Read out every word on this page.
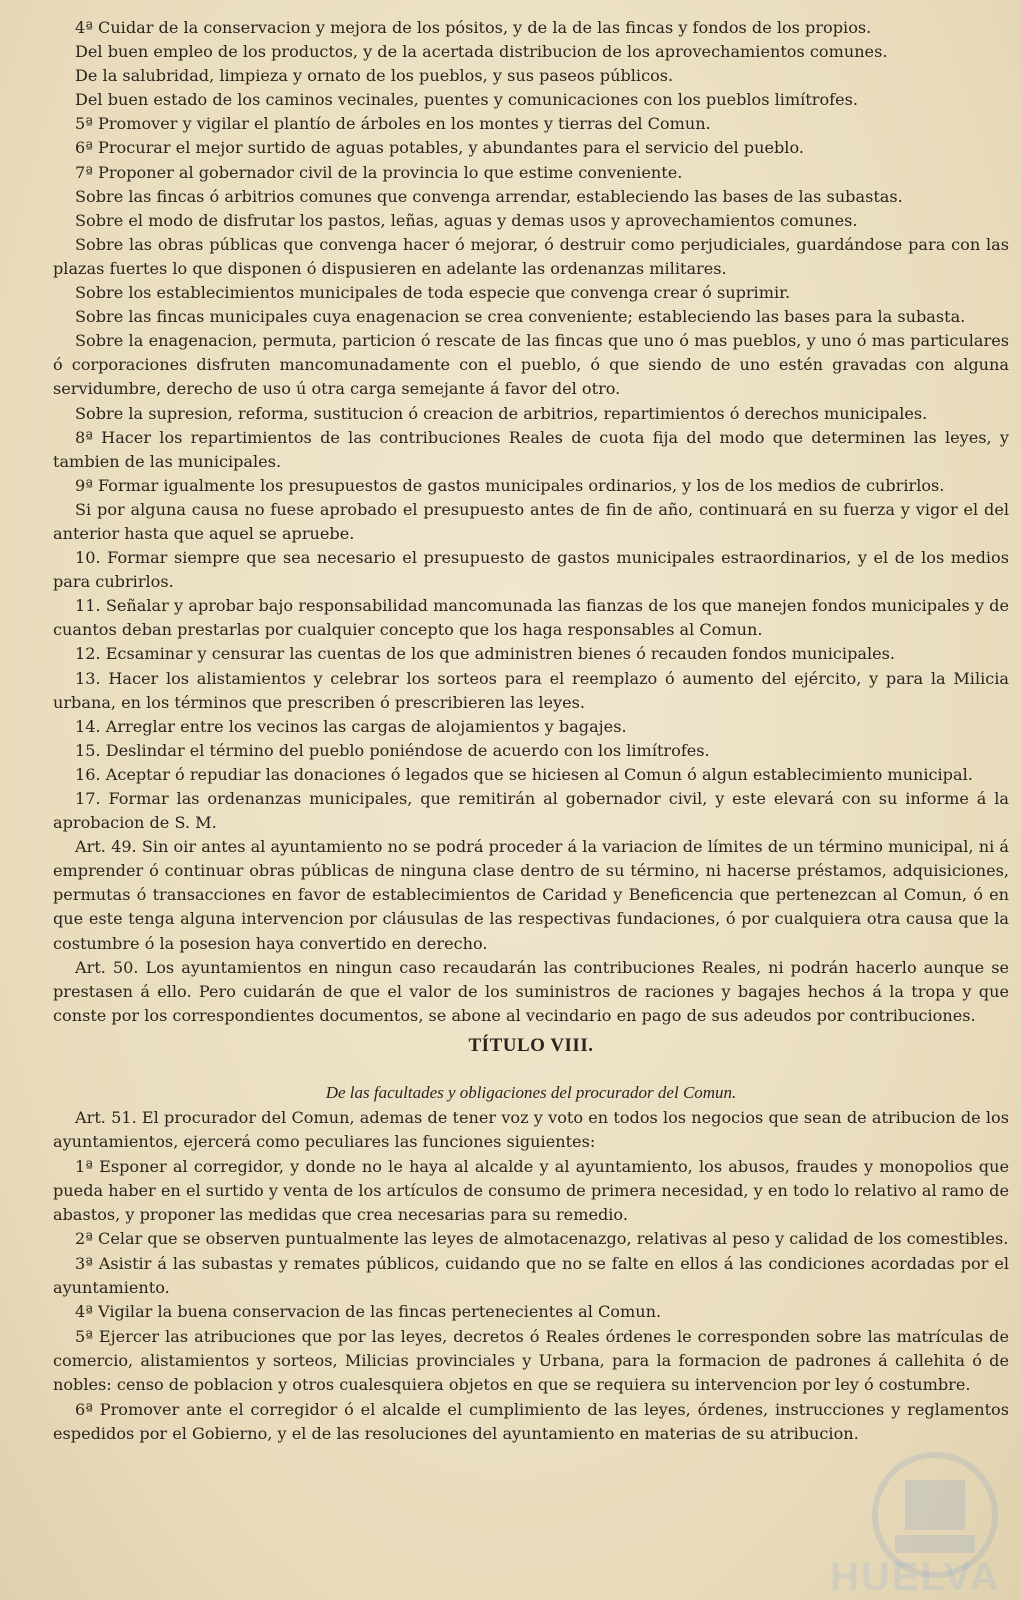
4ª Cuidar de la conservacion y mejora de los pósitos, y de la de las fincas y fondos de los propios.

Del buen empleo de los productos, y de la acertada distribucion de los aprovechamientos comunes.

De la salubridad, limpieza y ornato de los pueblos, y sus paseos públicos.

Del buen estado de los caminos vecinales, puentes y comunicaciones con los pueblos limítrofes.

5ª Promover y vigilar el plantío de árboles en los montes y tierras del Comun.

6ª Procurar el mejor surtido de aguas potables, y abundantes para el servicio del pueblo.

7ª Proponer al gobernador civil de la provincia lo que estime conveniente.

Sobre las fincas ó arbitrios comunes que convenga arrendar, estableciendo las bases de las subastas.

Sobre el modo de disfrutar los pastos, leñas, aguas y demas usos y aprovechamientos comunes.

Sobre las obras públicas que convenga hacer ó mejorar, ó destruir como perjudiciales, guardándose para con las plazas fuertes lo que disponen ó dispusieren en adelante las ordenanzas militares.

Sobre los establecimientos municipales de toda especie que convenga crear ó suprimir.

Sobre las fincas municipales cuya enagenacion se crea conveniente; estableciendo las bases para la subasta.

Sobre la enagenacion, permuta, particion ó rescate de las fincas que uno ó mas pueblos, y uno ó mas particulares ó corporaciones disfruten mancomunadamente con el pueblo, ó que siendo de uno estén gravadas con alguna servidumbre, derecho de uso ú otra carga semejante á favor del otro.

Sobre la supresion, reforma, sustitucion ó creacion de arbitrios, repartimientos ó derechos municipales.

8ª Hacer los repartimientos de las contribuciones Reales de cuota fija del modo que determinen las leyes, y tambien de las municipales.

9ª Formar igualmente los presupuestos de gastos municipales ordinarios, y los de los medios de cubrirlos.

Si por alguna causa no fuese aprobado el presupuesto antes de fin de año, continuará en su fuerza y vigor el del anterior hasta que aquel se apruebe.

10. Formar siempre que sea necesario el presupuesto de gastos municipales estraordinarios, y el de los medios para cubrirlos.

11. Señalar y aprobar bajo responsabilidad mancomunada las fianzas de los que manejen fondos municipales y de cuantos deban prestarlas por cualquier concepto que los haga responsables al Comun.

12. Ecsaminar y censurar las cuentas de los que administren bienes ó recauden fondos municipales.

13. Hacer los alistamientos y celebrar los sorteos para el reemplazo ó aumento del ejército, y para la Milicia urbana, en los términos que prescriben ó prescribieren las leyes.

14. Arreglar entre los vecinos las cargas de alojamientos y bagajes.

15. Deslindar el término del pueblo poniéndose de acuerdo con los limítrofes.

16. Aceptar ó repudiar las donaciones ó legados que se hiciesen al Comun ó algun establecimiento municipal.

17. Formar las ordenanzas municipales, que remitirán al gobernador civil, y este elevará con su informe á la aprobacion de S. M.

Art. 49. Sin oir antes al ayuntamiento no se podrá proceder á la variacion de límites de un término municipal, ni á emprender ó continuar obras públicas de ninguna clase dentro de su término, ni hacerse préstamos, adquisiciones, permutas ó transacciones en favor de establecimientos de Caridad y Beneficencia que pertenezcan al Comun, ó en que este tenga alguna intervencion por cláusulas de las respectivas fundaciones, ó por cualquiera otra causa que la costumbre ó la posesion haya convertido en derecho.

Art. 50. Los ayuntamientos en ningun caso recaudarán las contribuciones Reales, ni podrán hacerlo aunque se prestasen á ello. Pero cuidarán de que el valor de los suministros de raciones y bagajes hechos á la tropa y que conste por los correspondientes documentos, se abone al vecindario en pago de sus adeudos por contribuciones.

TÍTULO VIII.
De las facultades y obligaciones del procurador del Comun.

Art. 51. El procurador del Comun, ademas de tener voz y voto en todos los negocios que sean de atribucion de los ayuntamientos, ejercerá como peculiares las funciones siguientes:

1ª Esponer al corregidor, y donde no le haya al alcalde y al ayuntamiento, los abusos, fraudes y monopolios que pueda haber en el surtido y venta de los artículos de consumo de primera necesidad, y en todo lo relativo al ramo de abastos, y proponer las medidas que crea necesarias para su remedio.

2ª Celar que se observen puntualmente las leyes de almotacenazgo, relativas al peso y calidad de los comestibles.

3ª Asistir á las subastas y remates públicos, cuidando que no se falte en ellos á las condiciones acordadas por el ayuntamiento.

4ª Vigilar la buena conservacion de las fincas pertenecientes al Comun.

5ª Ejercer las atribuciones que por las leyes, decretos ó Reales órdenes le corresponden sobre las matrículas de comercio, alistamientos y sorteos, Milicias provinciales y Urbana, para la formacion de padrones á callehita ó de nobles: censo de poblacion y otros cualesquiera objetos en que se requiera su intervencion por ley ó costumbre.

6ª Promover ante el corregidor ó el alcalde el cumplimiento de las leyes, órdenes, instrucciones y reglamentos espedidos por el Gobierno, y el de las resoluciones del ayuntamiento en materias de su atribucion.

HUELVA
